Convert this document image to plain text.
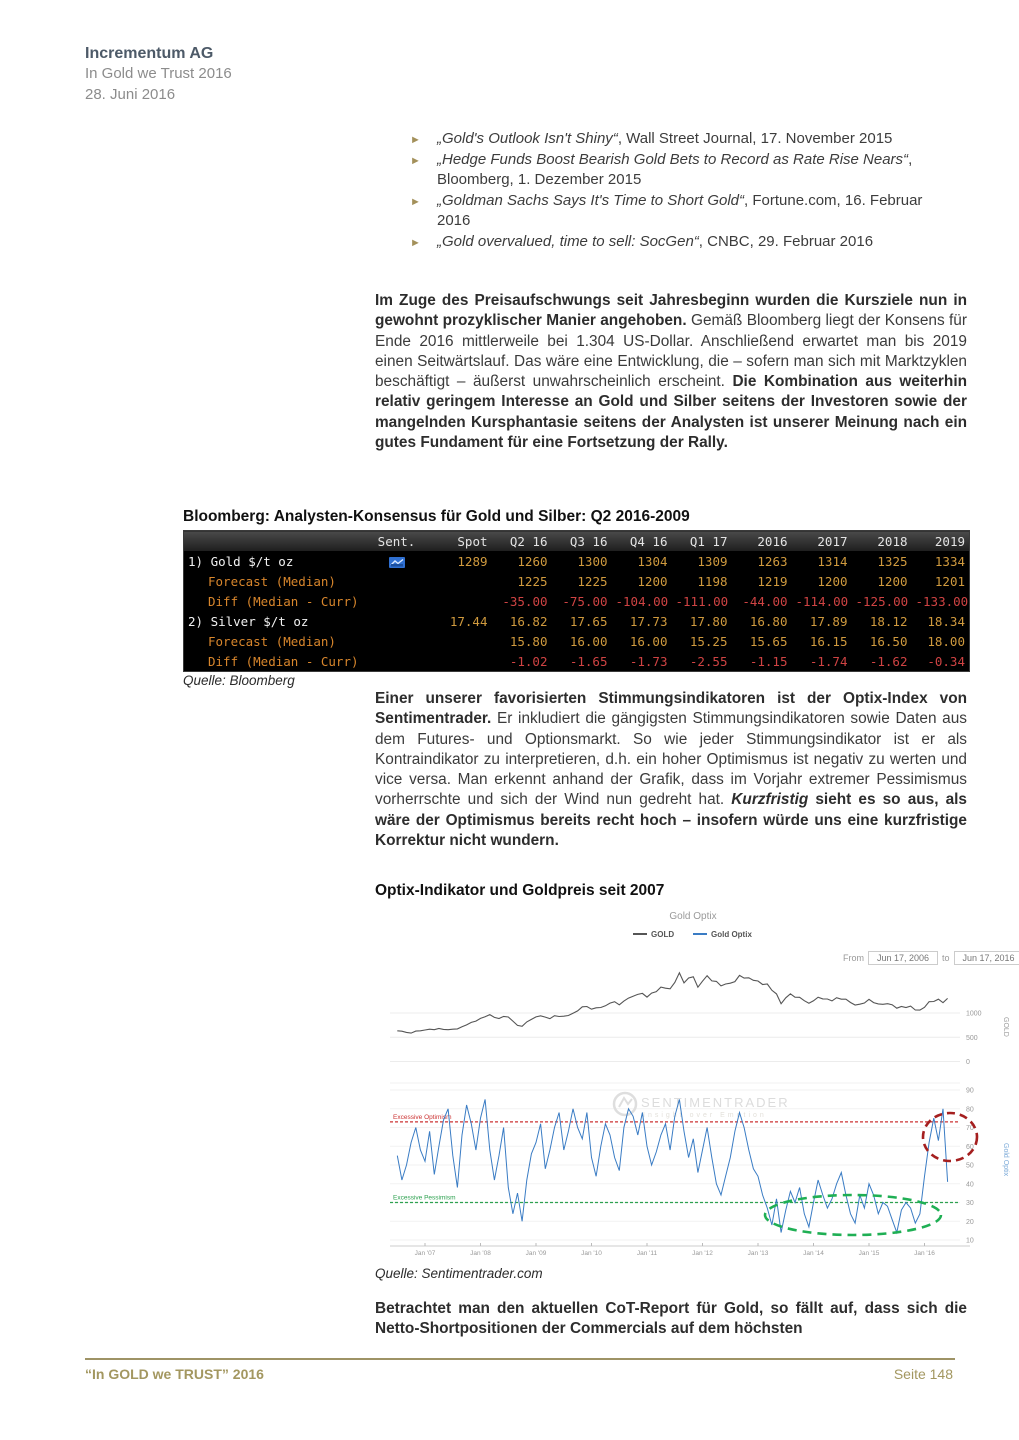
Incrementum AG
In Gold we Trust 2016
28. Juni 2016
► „Gold's Outlook Isn't Shiny“, Wall Street Journal, 17. November 2015
► „Hedge Funds Boost Bearish Gold Bets to Record as Rate Rise Nears“, Bloomberg, 1. Dezember 2015
► „Goldman Sachs Says It's Time to Short Gold“, Fortune.com, 16. Februar 2016
► „Gold overvalued, time to sell: SocGen“, CNBC, 29. Februar 2016
Im Zuge des Preisaufschwungs seit Jahresbeginn wurden die Kursziele nun in gewohnt prozyklischer Manier angehoben. Gemäß Bloomberg liegt der Konsens für Ende 2016 mittlerweile bei 1.304 US-Dollar. Anschließend erwartet man bis 2019 einen Seitwärtslauf. Das wäre eine Entwicklung, die – sofern man sich mit Marktzyklen beschäftigt – äußerst unwahrscheinlich erscheint. Die Kombination aus weiterhin relativ geringem Interesse an Gold und Silber seitens der Investoren sowie der mangelnden Kursphantasie seitens der Analysten ist unserer Meinung nach ein gutes Fundament für eine Fortsetzung der Rally.
Bloomberg: Analysten-Konsensus für Gold und Silber: Q2 2016-2009
	Sent.	Spot	Q2 16	Q3 16	Q4 16	Q1 17	2016	2017	2018	2019
1) Gold $/t oz		1289	1260	1300	1304	1309	1263	1314	1325	1334
Forecast (Median)			1225	1225	1200	1198	1219	1200	1200	1201
Diff (Median - Curr)			-35.00	-75.00	-104.00	-111.00	-44.00	-114.00	-125.00	-133.00
2) Silver $/t oz		17.44	16.82	17.65	17.73	17.80	16.80	17.89	18.12	18.34
Forecast (Median)			15.80	16.00	16.00	15.25	15.65	16.15	16.50	18.00
Diff (Median - Curr)			-1.02	-1.65	-1.73	-2.55	-1.15	-1.74	-1.62	-0.34
Quelle: Bloomberg
Einer unserer favorisierten Stimmungsindikatoren ist der Optix-Index von Sentimentrader. Er inkludiert die gängigsten Stimmungsindikatoren sowie Daten aus dem Futures- und Optionsmarkt. So wie jeder Stimmungsindikator ist er als Kontraindikator zu interpretieren, d.h. ein hoher Optimismus ist negativ zu werten und vice versa. Man erkennt anhand der Grafik, dass im Vorjahr extremer Pessimismus vorherrschte und sich der Wind nun gedreht hat. Kurzfristig sieht es so aus, als wäre der Optimismus bereits recht hoch – insofern würde uns eine kurzfristige Korrektur nicht wundern.
Optix-Indikator und Goldpreis seit 2007
Gold Optix
GOLD	Gold Optix
1000
500
0
GOLD
90
80
70
60
50
40
30
20
10
Gold Optix
SENTIMENTRADER
Insight over Emotion
Excessive Optimism
Excessive Pessimism
Jan '07	Jan '08	Jan '09	Jan '10	Jan '11	Jan '12	Jan '13	Jan '14	Jan '15	Jan '16
From	Jun 17, 2006	to	Jun 17, 2016
Quelle: Sentimentrader.com
Betrachtet man den aktuellen CoT-Report für Gold, so fällt auf, dass sich die Netto-Shortpositionen der Commercials auf dem höchsten
“In GOLD we TRUST” 2016	Seite 148
